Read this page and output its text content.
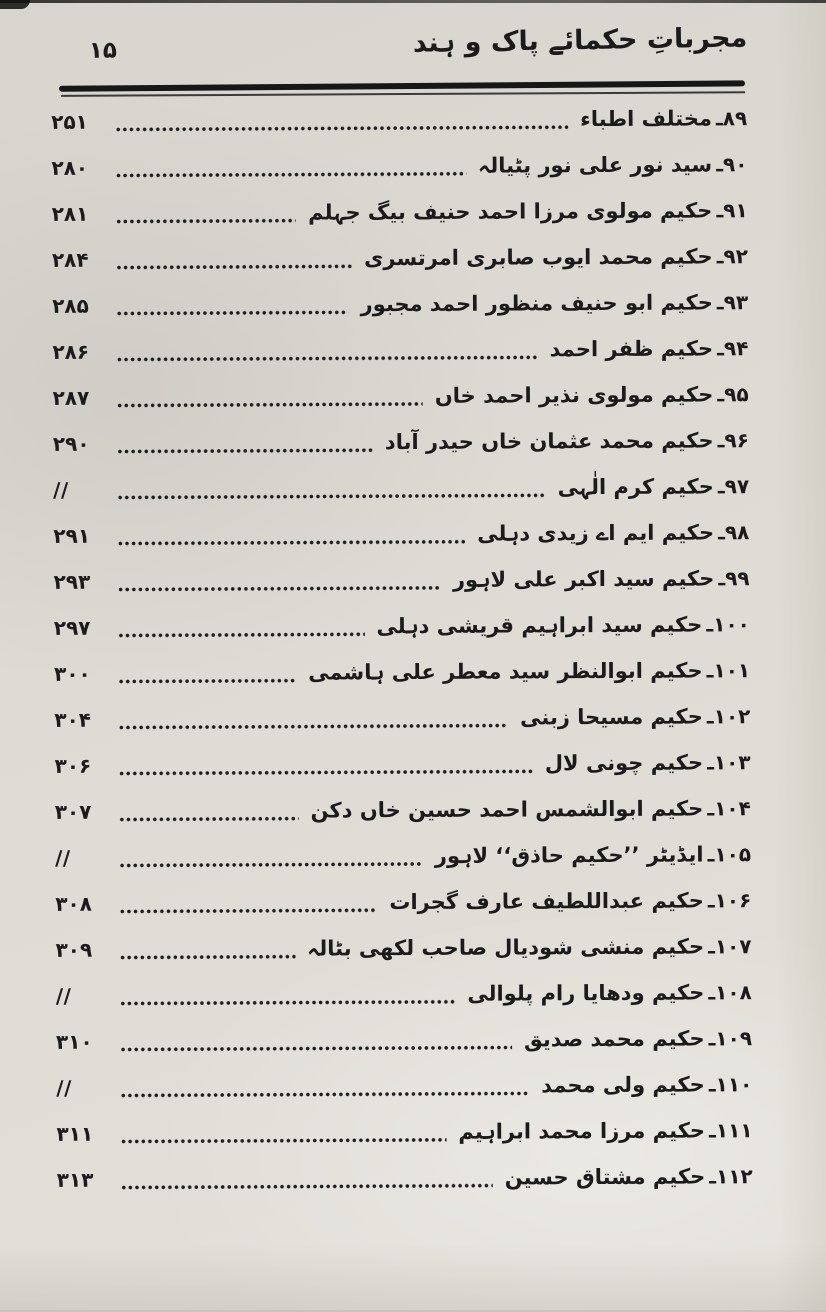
۱۵	مجرباتِ حکمائے پاک و ہند
۸۹ـ
مختلف اطباء
۲۵۱
۹۰ـ
سید نور علی نور پٹیالہ
۲۸۰
۹۱ـ
حکیم مولوی مرزا احمد حنیف بیگ جہلم
۲۸۱
۹۲ـ
حکیم محمد ایوب صابری امرتسری
۲۸۴
۹۳ـ
حکیم ابو حنیف منظور احمد مجبور
۲۸۵
۹۴ـ
حکیم ظفر احمد
۲۸۶
۹۵ـ
حکیم مولوی نذیر احمد خاں
۲۸۷
۹۶ـ
حکیم محمد عثمان خاں حیدر آباد
۲۹۰
۹۷ـ
حکیم کرم الٰہی
//
۹۸ـ
حکیم ایم اے زیدی دہلی
۲۹۱
۹۹ـ
حکیم سید اکبر علی لاہور
۲۹۳
۱۰۰ـ
حکیم سید ابراہیم قریشی دہلی
۲۹۷
۱۰۱ـ
حکیم ابوالنظر سید معطر علی ہاشمی
۳۰۰
۱۰۲ـ
حکیم مسیحا زبنی
۳۰۴
۱۰۳ـ
حکیم چونی لال
۳۰۶
۱۰۴ـ
حکیم ابوالشمس احمد حسین خاں دکن
۳۰۷
۱۰۵ـ
ایڈیٹر ’’حکیم حاذق‘‘ لاہور
//
۱۰۶ـ
حکیم عبداللطیف عارف گجرات
۳۰۸
۱۰۷ـ
حکیم منشی شودیال صاحب لکھی بٹالہ
۳۰۹
۱۰۸ـ
حکیم ودھایا رام پلوالی
//
۱۰۹ـ
حکیم محمد صدیق
۳۱۰
۱۱۰ـ
حکیم ولی محمد
//
۱۱۱ـ
حکیم مرزا محمد ابراہیم
۳۱۱
۱۱۲ـ
حکیم مشتاق حسین
۳۱۳
